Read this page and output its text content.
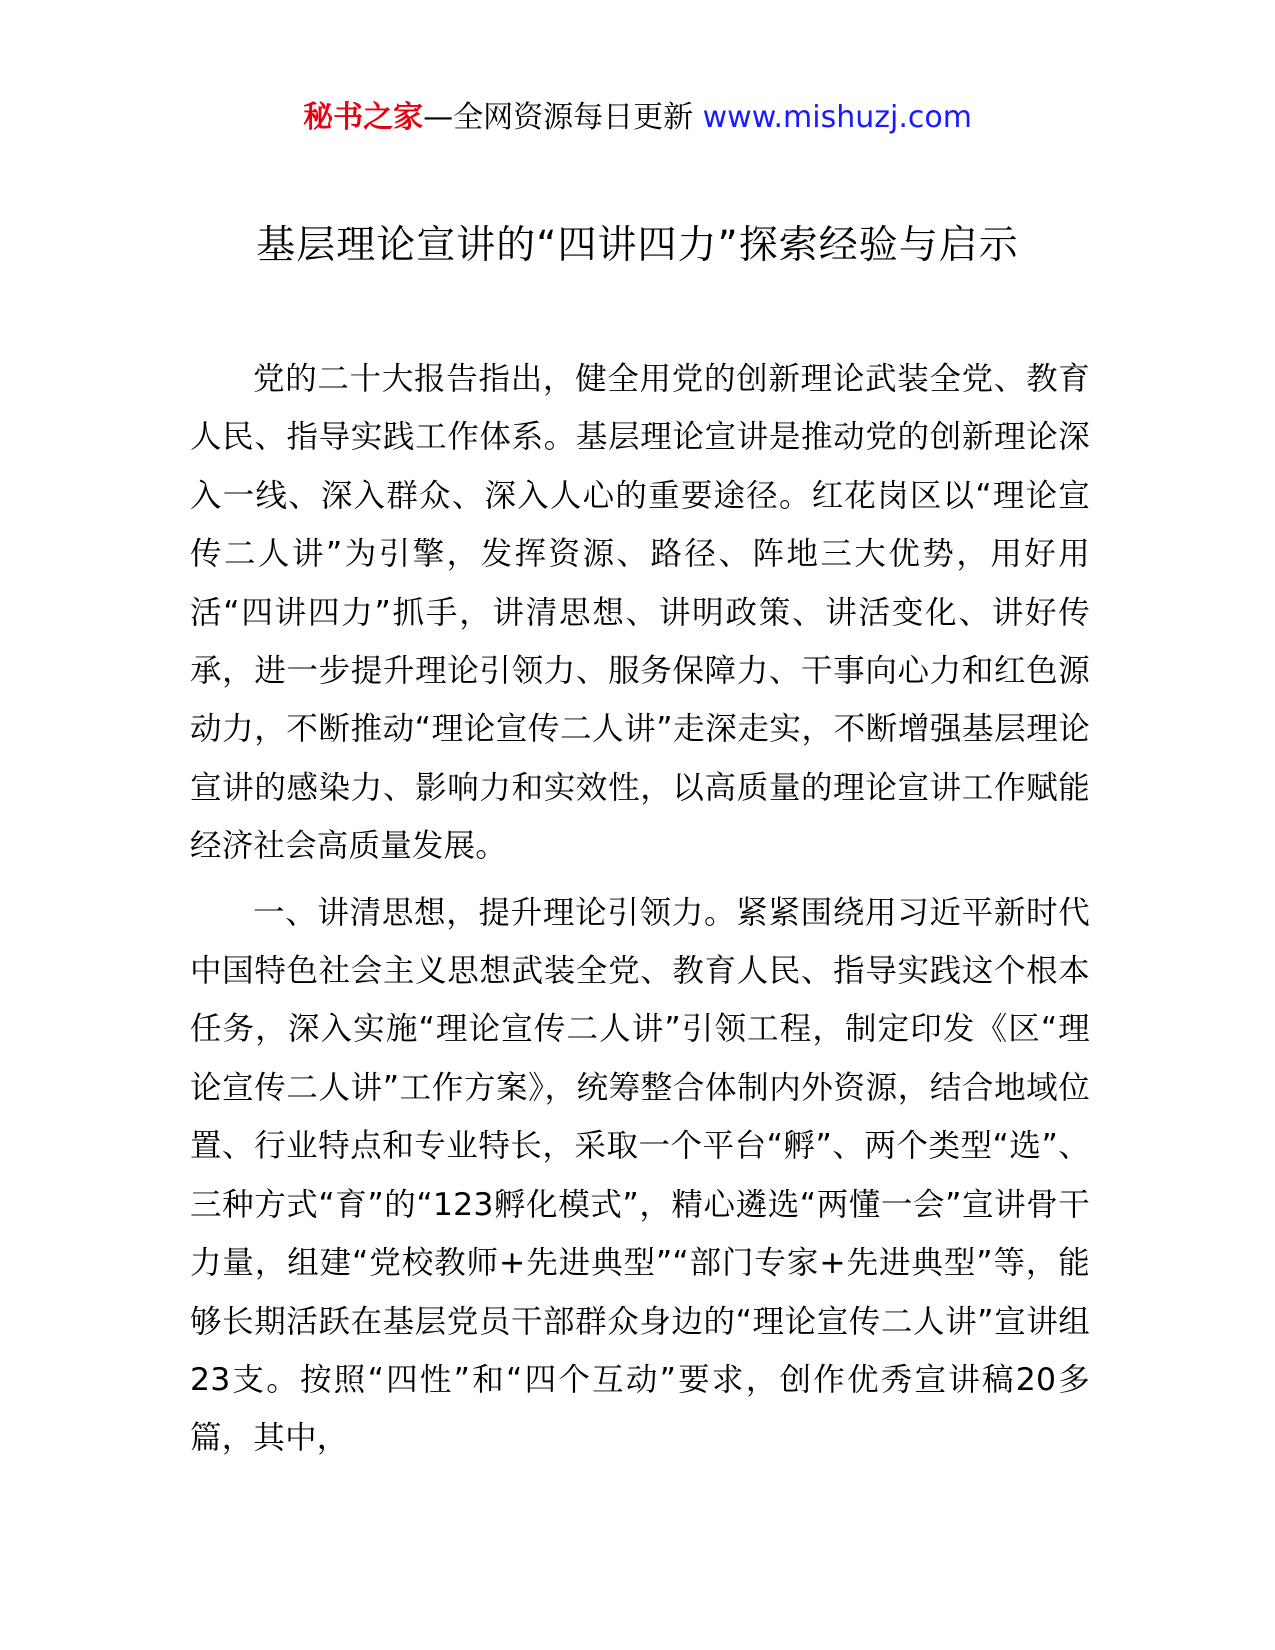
秘书之家—全网资源每日更新 www.mishuzj.com
基层理论宣讲的“四讲四力”探索经验与启示

党的二十大报告指出，健全用党的创新理论武装全党、教育人民、指导实践工作体系。基层理论宣讲是推动党的创新理论深入一线、深入群众、深入人心的重要途径。红花岗区以“理论宣传二人讲”为引擎，发挥资源、路径、阵地三大优势，用好用活“四讲四力”抓手，讲清思想、讲明政策、讲活变化、讲好传承，进一步提升理论引领力、服务保障力、干事向心力和红色源动力，不断推动“理论宣传二人讲”走深走实，不断增强基层理论宣讲的感染力、影响力和实效性，以高质量的理论宣讲工作赋能经济社会高质量发展。

一、讲清思想，提升理论引领力。紧紧围绕用习近平新时代中国特色社会主义思想武装全党、教育人民、指导实践这个根本任务，深入实施“理论宣传二人讲”引领工程，制定印发《区“理论宣传二人讲”工作方案》，统筹整合体制内外资源，结合地域位置、行业特点和专业特长，采取一个平台“孵”、两个类型“选”、三种方式“育”的“123孵化模式”，精心遴选“两懂一会”宣讲骨干力量，组建“党校教师+先进典型”“部门专家+先进典型”等，能够长期活跃在基层党员干部群众身边的“理论宣传二人讲”宣讲组23支。按照“四性”和“四个互动”要求，创作优秀宣讲稿20多篇，其中，
